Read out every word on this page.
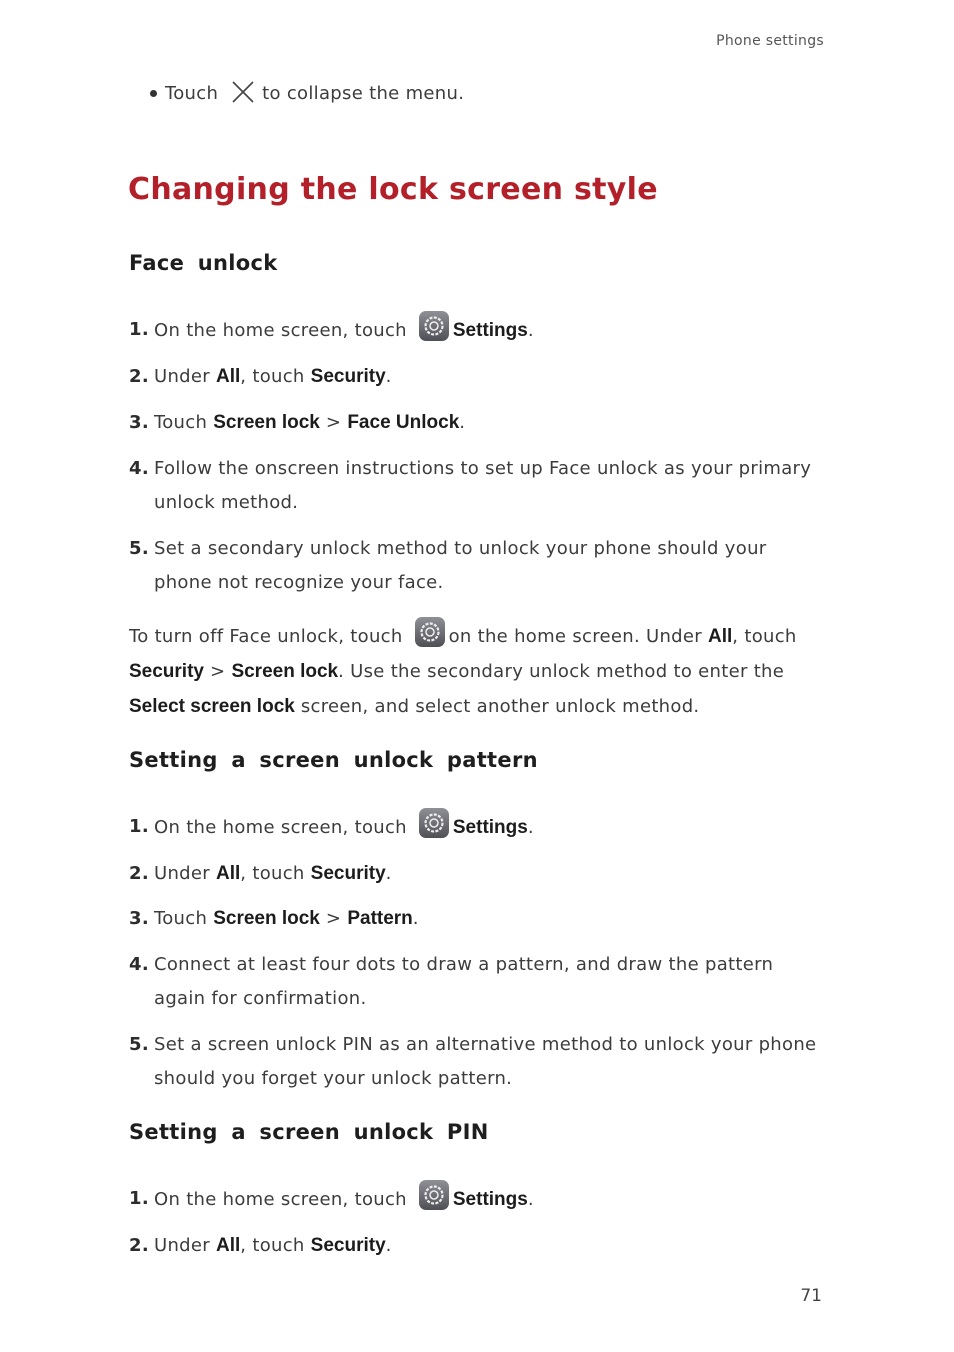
Phone settings
Touch to collapse the menu.
Changing the lock screen style
Face unlock
1. On the home screen, touch Settings.
2. Under All, touch Security.
3. Touch Screen lock > Face Unlock.
4. Follow the onscreen instructions to set up Face unlock as your primary unlock method.
5. Set a secondary unlock method to unlock your phone should your phone not recognize your face.
To turn off Face unlock, touch	on the home screen. Under All, touch Security > Screen lock. Use the secondary unlock method to enter the Select screen lock screen, and select another unlock method.
Setting a screen unlock pattern
1. On the home screen, touch Settings.
2. Under All, touch Security.
3. Touch Screen lock > Pattern.
4. Connect at least four dots to draw a pattern, and draw the pattern again for confirmation.
5. Set a screen unlock PIN as an alternative method to unlock your phone should you forget your unlock pattern.
Setting a screen unlock PIN
1. On the home screen, touch Settings.
2. Under All, touch Security.
71
